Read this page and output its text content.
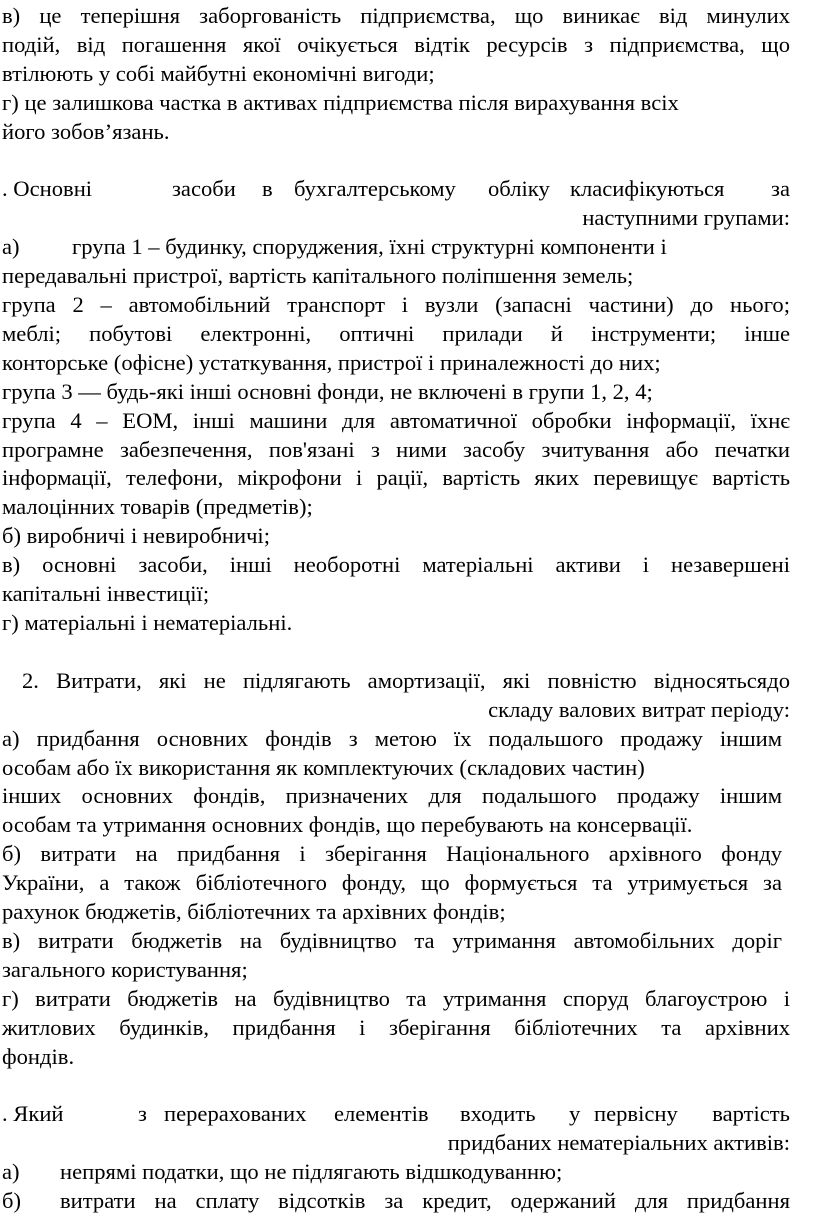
в) це теперішня заборгованість підприємства, що виникає від минулих

подій, від погашення якої очікується відтік ресурсів з підприємства, що

втілюють у собі майбутні економічні вигоди;

г) це залишкова частка в активах підприємства після вирахування всіх

його зобов’язань.

. Основні	засоби в бухгалтерському обліку класифікуються за

наступними групами:

а) група 1 – будинку, споруджения, їхні структурні компоненти і

передавальні пристрої, вартість капітального поліпшення земель;

група 2 – автомобільний транспорт і вузли (запасні частини) до нього;

меблі; побутові електронні, оптичні прилади й інструменти; інше

конторське (офісне) устаткування, пристрої і приналежності до них;

група 3 — будь-які інші основні фонди, не включені в групи 1, 2, 4;

група 4 – ЕОМ, інші машини для автоматичної обробки інформації, їхнє

програмне забезпечення, пов'язані з ними засобу зчитування або печатки

інформації, телефони, мікрофони і рації, вартість яких перевищує вартість

малоцінних товарів (предметів);

б) виробничі і невиробничі;

в) основні засоби, інші необоротні матеріальні активи і незавершені

капітальні інвестиції;

г) матеріальні і нематеріальні.

2. Витрати, які не підлягають амортизації, які повністю відносятьсядо

складу валових витрат періоду:

а) придбання основних фондів з метою їх подальшого продажу іншим

особам або їх використання як комплектуючих (складових частин)

інших основних фондів, призначених для подальшого продажу іншим

особам та утримання основних фондів, що перебувають на консервації.

б) витрати на придбання і зберігання Національного архівного фонду

України, а також бібліотечного фонду, що формується та утримується за

рахунок бюджетів, бібліотечних та архівних фондів;

в) витрати бюджетів на будівництво та утримання автомобільних доріг

загального користування;

г) витрати бюджетів на будівництво та утримання споруд благоустрою і

житлових будинків, придбання і зберігання бібліотечних та архівних

фондів.

. Який	з перерахованих елементів входить у первісну вартість

придбаних нематеріальних активів:

а) непрямі податки, що не підлягають відшкодуванню;

б) витрати на сплату відсотків за кредит, одержаний для придбання
